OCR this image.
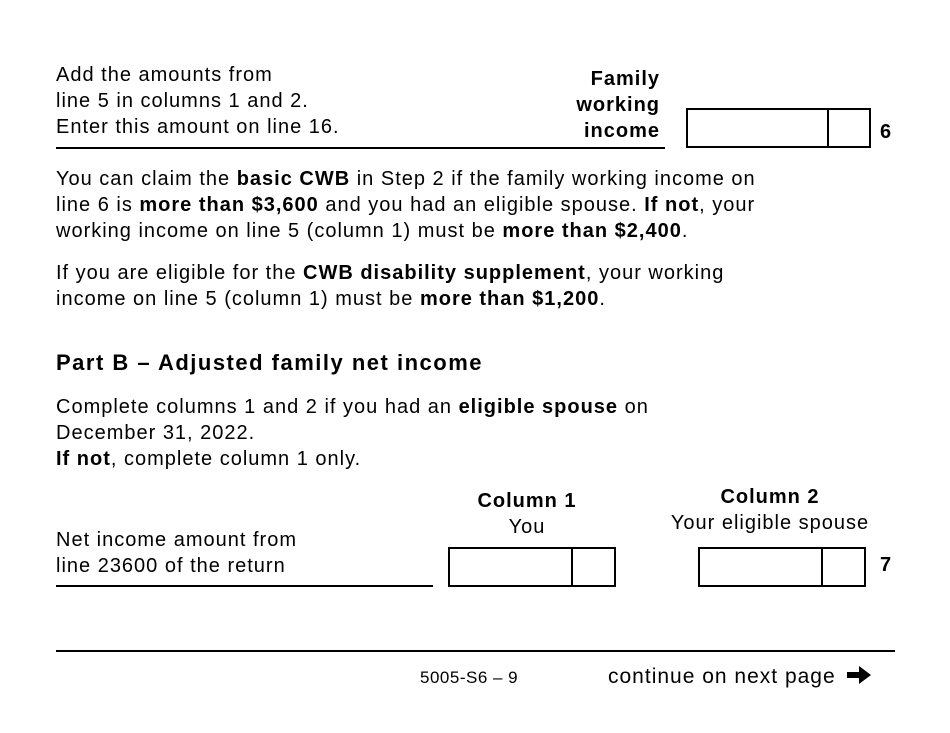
Add the amounts from
line 5 in columns 1 and 2.
Enter this amount on line 16.
Family
working
income	6
You can claim the basic CWB in Step 2 if the family working income on
line 6 is more than $3,600 and you had an eligible spouse. If not, your
working income on line 5 (column 1) must be more than $2,400.
If you are eligible for the CWB disability supplement, your working
income on line 5 (column 1) must be more than $1,200.
Part B – Adjusted family net income
Complete columns 1 and 2 if you had an eligible spouse on
December 31, 2022.
If not, complete column 1 only.
Column 1
You
Column 2
Your eligible spouse
Net income amount from
line 23600 of the return	7
5005-S6 – 9	continue on next page
